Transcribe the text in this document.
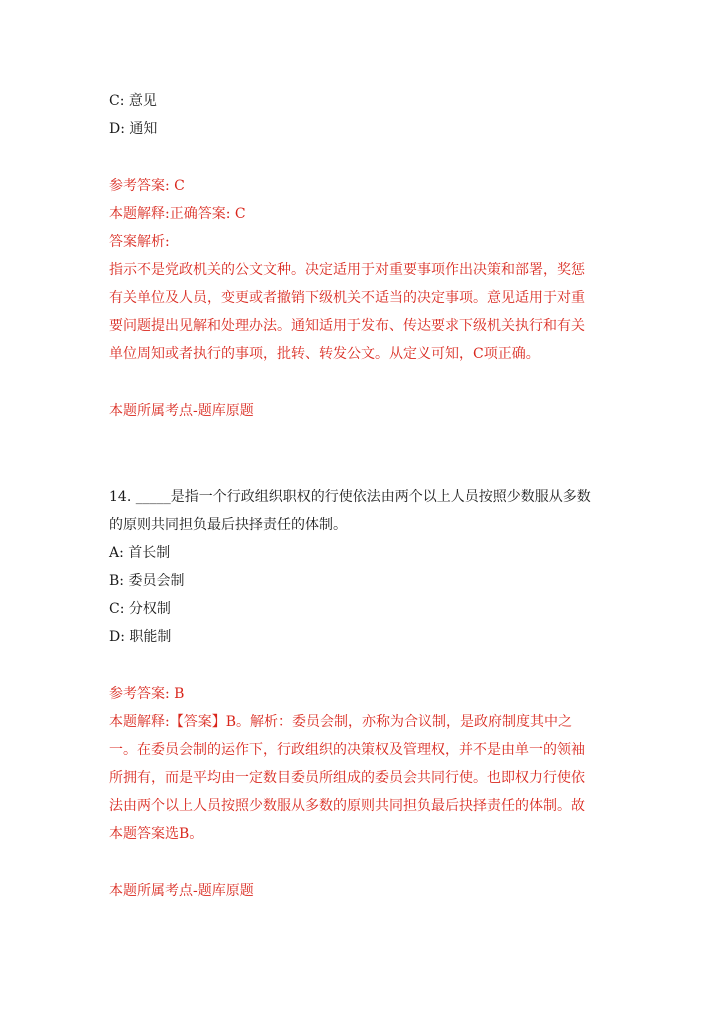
C: 意见
D: 通知
参考答案: C
本题解释:正确答案: C
答案解析:
指示不是党政机关的公文文种。决定适用于对重要事项作出决策和部署，奖惩
有关单位及人员，变更或者撤销下级机关不适当的决定事项。意见适用于对重
要问题提出见解和处理办法。通知适用于发布、传达要求下级机关执行和有关
单位周知或者执行的事项，批转、转发公文。从定义可知，C项正确。
本题所属考点-题库原题
14. _____是指一个行政组织职权的行使依法由两个以上人员按照少数服从多数
的原则共同担负最后抉择责任的体制。
A: 首长制
B: 委员会制
C: 分权制
D: 职能制
参考答案: B
本题解释:【答案】B。解析：委员会制，亦称为合议制，是政府制度其中之
一。在委员会制的运作下，行政组织的决策权及管理权，并不是由单一的领袖
所拥有，而是平均由一定数目委员所组成的委员会共同行使。也即权力行使依
法由两个以上人员按照少数服从多数的原则共同担负最后抉择责任的体制。故
本题答案选B。
本题所属考点-题库原题
